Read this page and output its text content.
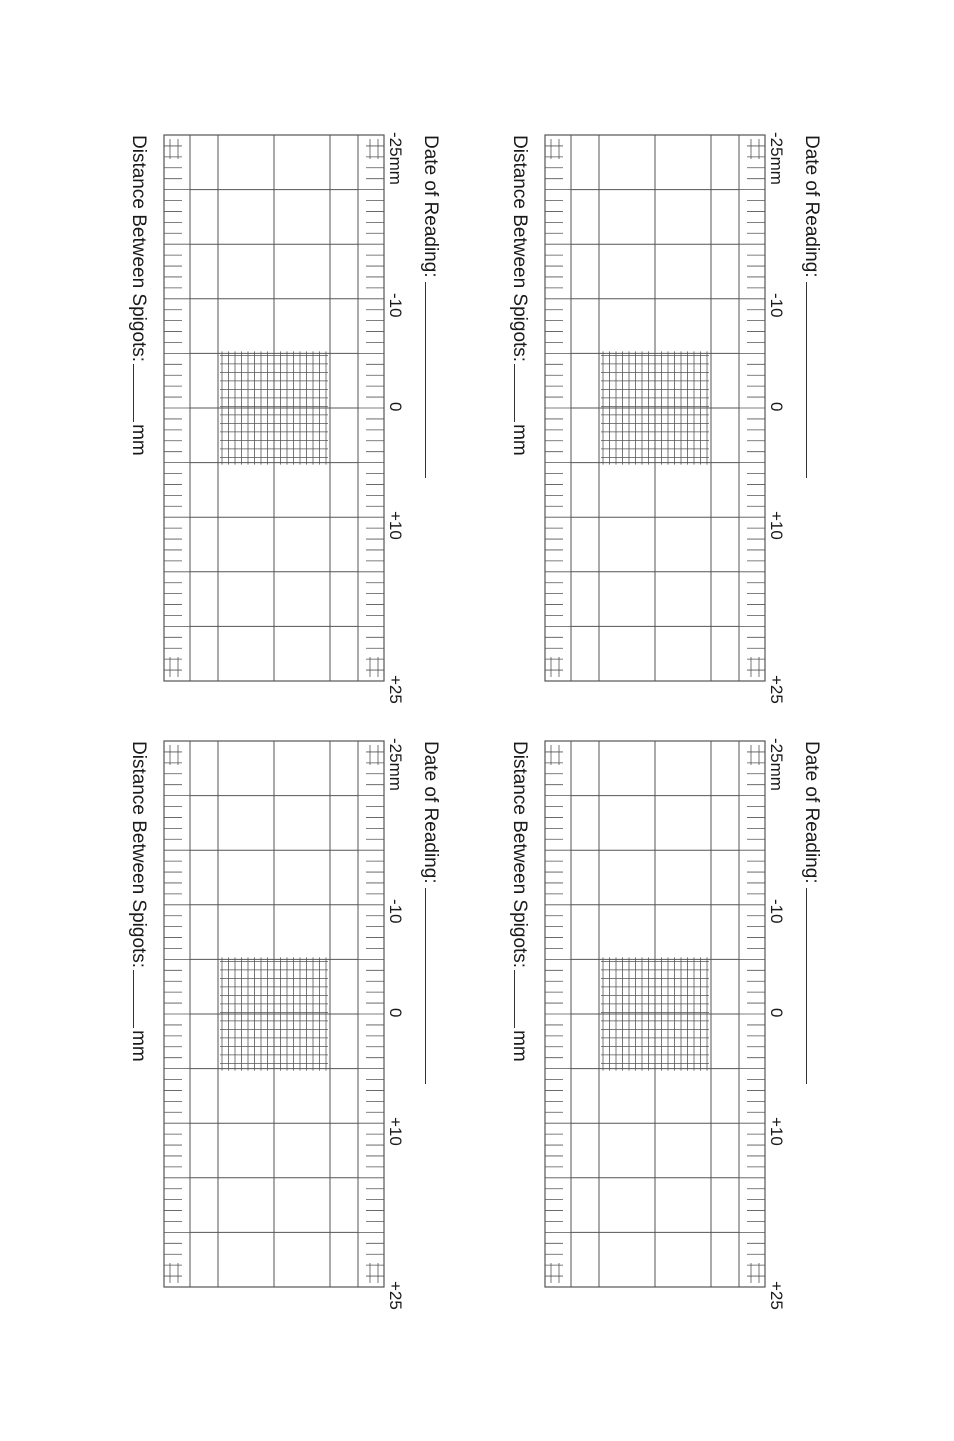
Date of Reading:
Distance Between Spigots:mm
-25mm
-10
0
+10
+25
Date of Reading:
Distance Between Spigots:mm
-25mm
-10
0
+10
+25
Date of Reading:
Distance Between Spigots:mm
-25mm
-10
0
+10
+25
Date of Reading:
Distance Between Spigots:mm
-25mm
-10
0
+10
+25
